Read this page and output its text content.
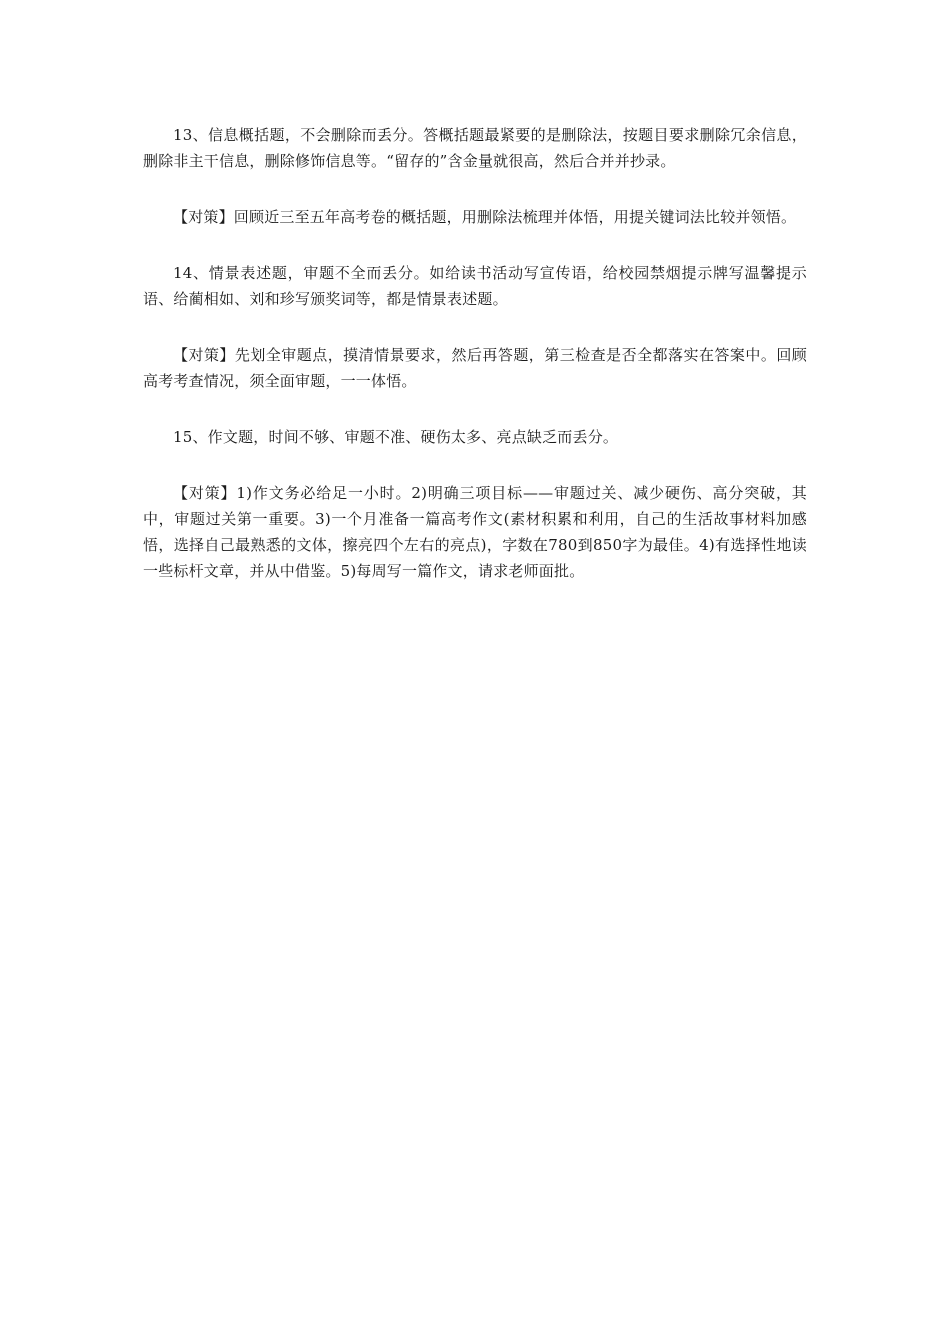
13、信息概括题，不会删除而丢分。答概括题最紧要的是删除法，按题目要求删除冗余信息，删除非主干信息，删除修饰信息等。“留存的”含金量就很高，然后合并并抄录。

【对策】回顾近三至五年高考卷的概括题，用删除法梳理并体悟，用提关键词法比较并领悟。

14、情景表述题，审题不全而丢分。如给读书活动写宣传语，给校园禁烟提示牌写温馨提示语、给蔺相如、刘和珍写颁奖词等，都是情景表述题。

【对策】先划全审题点，摸清情景要求，然后再答题，第三检查是否全都落实在答案中。回顾高考考查情况，须全面审题，一一体悟。

15、作文题，时间不够、审题不准、硬伤太多、亮点缺乏而丢分。

【对策】1)作文务必给足一小时。2)明确三项目标——审题过关、减少硬伤、高分突破，其中，审题过关第一重要。3)一个月准备一篇高考作文(素材积累和利用，自己的生活故事材料加感悟，选择自己最熟悉的文体，擦亮四个左右的亮点)，字数在780到850字为最佳。4)有选择性地读一些标杆文章，并从中借鉴。5)每周写一篇作文，请求老师面批。
